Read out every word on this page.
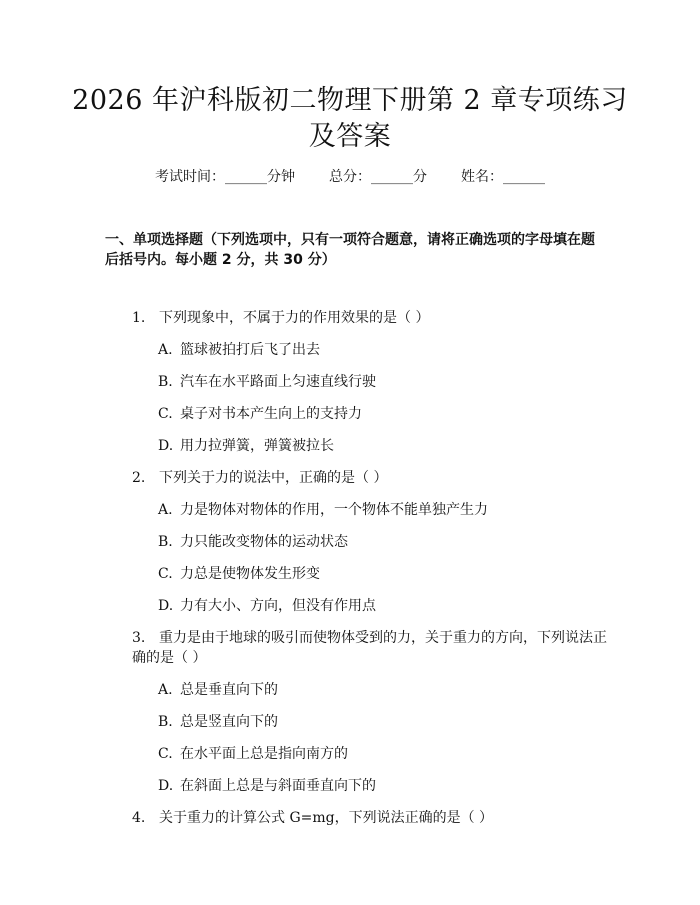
2026 年沪科版初二物理下册第 2 章专项练习
及答案
考试时间：______分钟 总分：______分 姓名：______
一、单项选择题（下列选项中，只有一项符合题意，请将正确选项的字母填在题
后括号内。每小题 2 分，共 30 分）
1. 下列现象中，不属于力的作用效果的是（ ）
A. 篮球被拍打后飞了出去
B. 汽车在水平路面上匀速直线行驶
C. 桌子对书本产生向上的支持力
D. 用力拉弹簧，弹簧被拉长
2. 下列关于力的说法中，正确的是（ ）
A. 力是物体对物体的作用，一个物体不能单独产生力
B. 力只能改变物体的运动状态
C. 力总是使物体发生形变
D. 力有大小、方向，但没有作用点
3. 重力是由于地球的吸引而使物体受到的力，关于重力的方向，下列说法正
确的是（ ）
A. 总是垂直向下的
B. 总是竖直向下的
C. 在水平面上总是指向南方的
D. 在斜面上总是与斜面垂直向下的
4. 关于重力的计算公式 G=mg，下列说法正确的是（ ）
